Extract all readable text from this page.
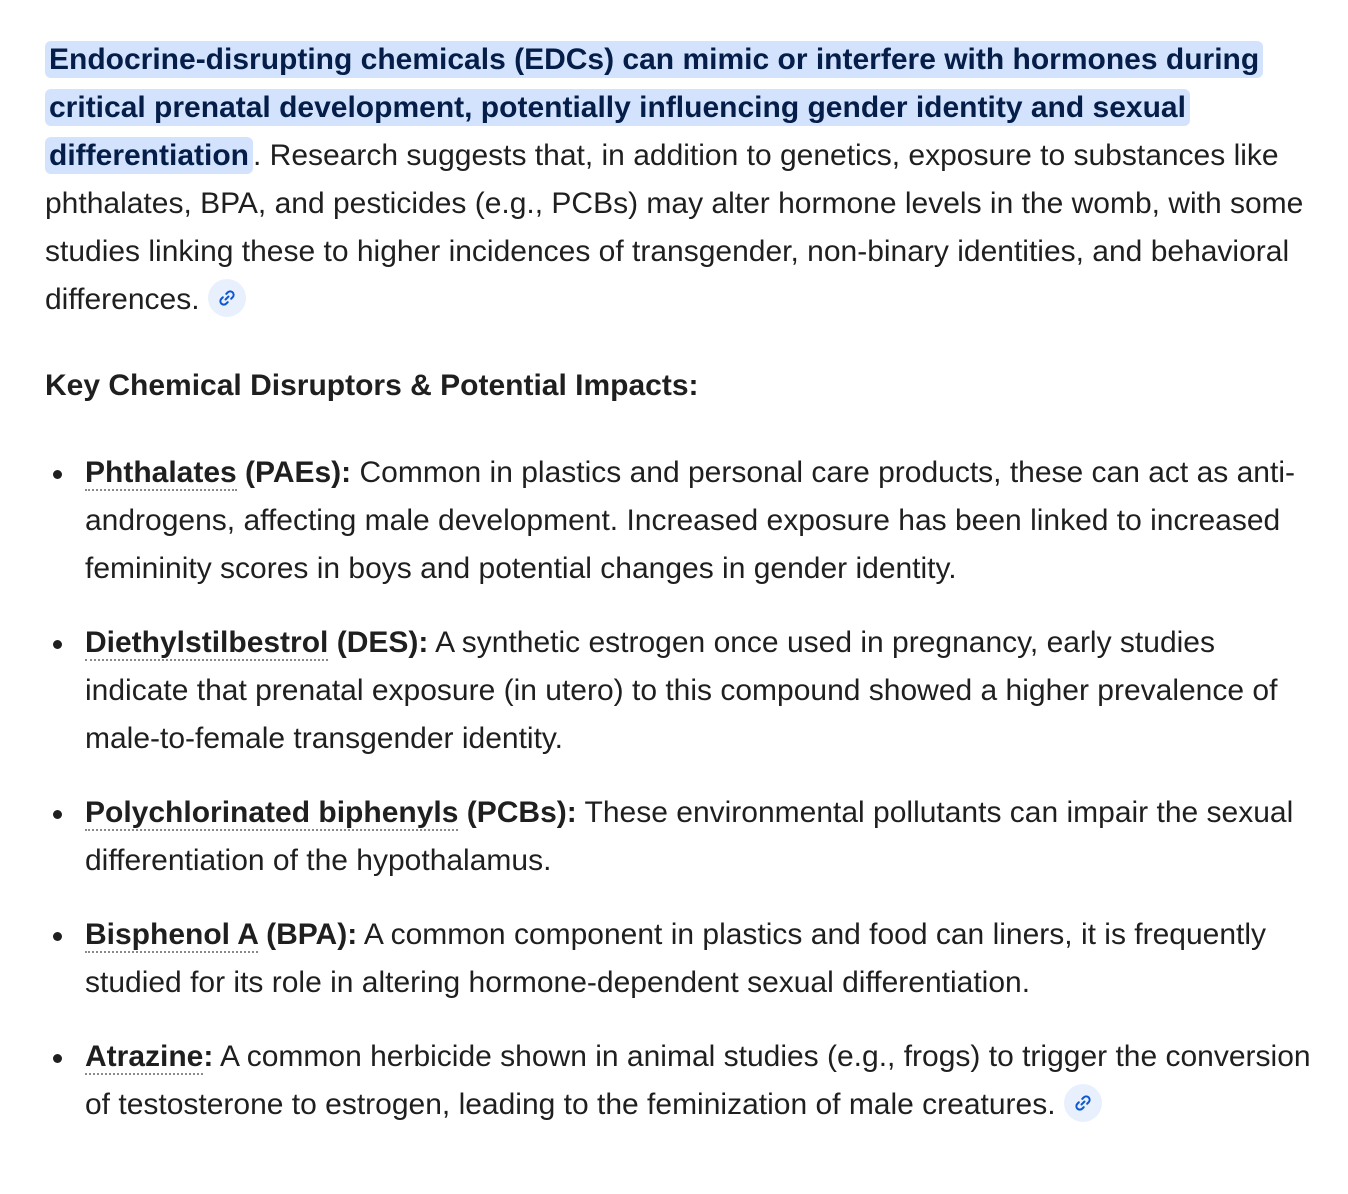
Endocrine-disrupting chemicals (EDCs) can mimic or interfere with hormones during critical prenatal development, potentially influencing gender identity and sexual differentiation . Research suggests that, in addition to genetics, exposure to substances like phthalates, BPA, and pesticides (e.g., PCBs) may alter hormone levels in the womb, with some studies linking these to higher incidences of transgender, non-binary identities, and behavioral differences.

Key Chemical Disruptors & Potential Impacts:
Phthalates (PAEs): Common in plastics and personal care products, these can act as anti-androgens, affecting male development. Increased exposure has been linked to increased femininity scores in boys and potential changes in gender identity.
Diethylstilbestrol (DES): A synthetic estrogen once used in pregnancy, early studies indicate that prenatal exposure (in utero) to this compound showed a higher prevalence of male-to-female transgender identity.
Polychlorinated biphenyls (PCBs): These environmental pollutants can impair the sexual differentiation of the hypothalamus.
Bisphenol A (BPA): A common component in plastics and food can liners, it is frequently studied for its role in altering hormone-dependent sexual differentiation.
Atrazine: A common herbicide shown in animal studies (e.g., frogs) to trigger the conversion of testosterone to estrogen, leading to the feminization of male creatures.
